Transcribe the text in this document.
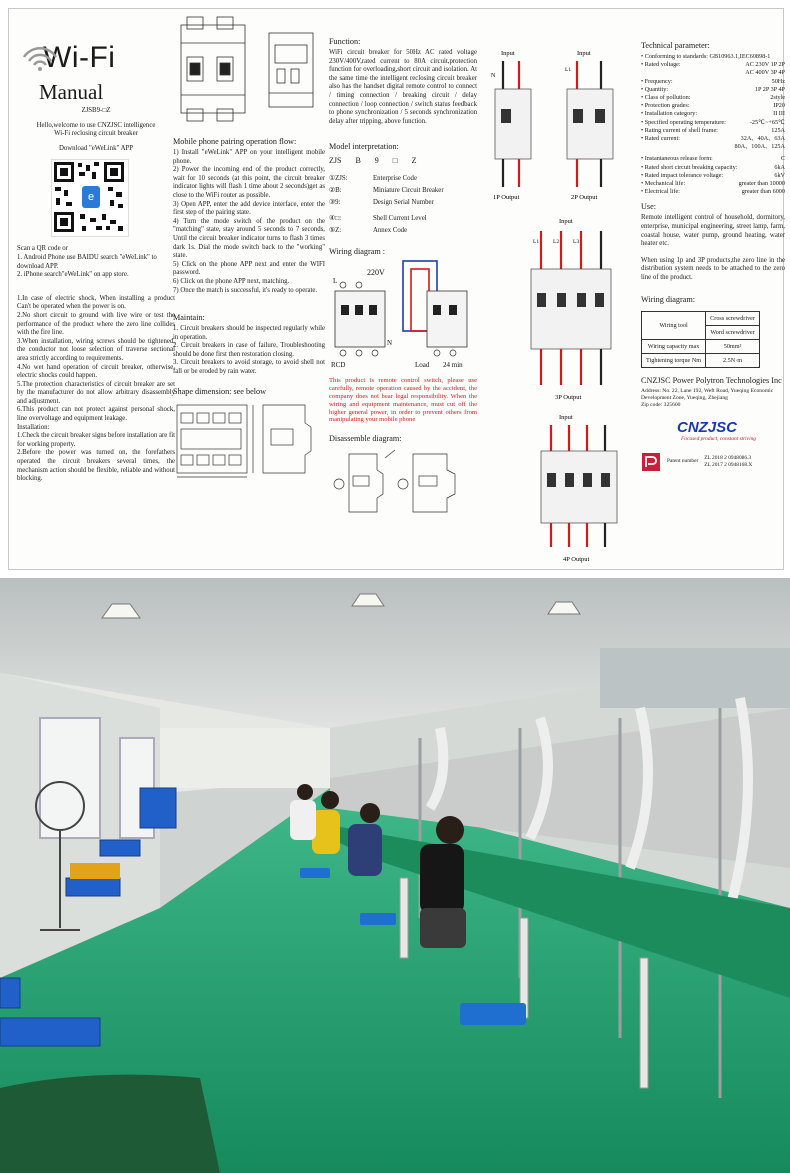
Wi-Fi
Manual

ZJSB9-□Z

Hello,welcome to use CNZJSC intelligence

Wi-Fi reclosing circuit breaker

Download "eWeLink" APP

e

Scan a QR code or

1. Android Phone use BAIDU search "eWeLink" to download APP.

2. iPhone search"eWeLink" on app store.

1.In case of electric shock, When installing a product Can't be operated when the power is on.

2.No short circuit to ground with live wire or test the performance of the product where the zero line collides with the fire line.

3.When installation, wiring screws should be tightened, the conductor not loose selection of traverse sectional area strictly according to requirements.

4.No wet hand operation of circuit breaker, otherwise, electric shocks could happen.

5.The protection characteristics of circuit breaker are set by the manufacturer do not allow arbitrary disassembly and adjustment.

6.This product can not protect against personal shock, line overvoltage and equipment leakage.

Installation:

1.Check the circuit breaker signs before installation are fit for working property.

2.Before the power was turned on, the forefathers operated the circuit breakers several times, the mechanism action should be flexible, reliable and without blocking.

Mobile phone pairing operation flow:

1) Install "eWeLink" APP on your intelligent mobile phone.

2) Power the incoming end of the product correctly, wait for 10 seconds (at this point, the circuit breaker indicator lights will flash 1 time about 2 seconds)get as close to the WiFi router as possible.

3) Open APP, enter the add device interface, enter the first step of the pairing state.

4) Turn the mode switch of the product on the "matching" state, stay around 5 seconds to 7 seconds, Until the circuit breaker indicator turns to flash 3 times dark 1s. Dial the mode switch back to the "working" state.

5) Click on the phone APP next and enter the WIFI password.

6) Click on the phone APP next, matching.

7) Once the match is successful, it's ready to operate.

Maintain:

1. Circuit breakers should be inspected regularly while in operation.

2. Circuit breakers in case of failure, Troubleshooting should be done first then restoration closing.

3. Circuit breakers to avoid storage, to avoid shell not fall or be eroded by rain water.

Shape dimension: see below

Function:

WiFi circuit breaker for 50Hz AC rated voltage 230V/400V,rated current to 80A circuit,protection function for overloading,short circuit and isolation. At the same time the intelligent reclosing circuit breaker also has the handset digital remote control to connect / timing connection / breaking circuit / delay connection / loop connection / switch status feedback to phone synchronization / 5 seconds synchronization delay after tripping, above function.

Model interpretation:

ZJS B 9 □ Z
①ZJS:	Enterprise Code
②B:	Miniature Circuit Breaker
③9:	Design Serial Number
④□:	Shell Current Level
⑤Z:	Annex Code

Wiring diagram :

220V
RCD	Load 24 min
N
L

This product is remote control switch, please use carefully, remote operation caused by the accident, the company does not bear legal responsibility. When the wiring and equipment maintenance, must cut off the higher general power, in order to prevent others from manipulating your mobile phone

Disassemble diagram:

Input
1P Output
N
Input
2P Output
L1
Input
3P Output
L1	L2	L3
Input
4P Output

Technical parameter:

• Conforming to standards: GB10963.1,IEC60898-1
• Rated voltage:	AC 230V 1P 2P
AC 400V 3P 4P
• Frequency:	50Hz
• Quantity:	1P 2P 3P 4P
• Class of pollution:	2style
• Protection grades:	IP20
• Installation category:	II III
• Specified operating temperature:	-25℃~+65℃
• Rating current of shell frame:	125A
• Rated current:	32A、40A、63A
80A、100A、125A
• Instantaneous release form:	C
• Rated short circuit breaking capacity:	6kA
• Rated impact tolerance voltage:	6kV
• Mechanical life:	greater than 10000
• Electrical life:	greater than 6000

Use:

Remote intelligent control of household, dormitory, enterprise, municipal engineering, street lamp, farm, coastal house, water pump, ground heating, water heater etc.

When using 1p and 3P products,the zero line in the distribution system needs to be attached to the zero line of the product.

Wiring diagram:

Wiring tool	Cross screwdriver
	Word screwdriver
Wiring capacity max	50mm²
Tightening torque Nm	2.5N·m

CNZJSC Power Polytron Technologies Inc

Address: No. 22, Lane 192, Weft Road, Yueqing Economic Development Zone, Yueqing, Zhejiang

Zip code: 325600

CNZJSC
Focused product, constant striving
Patent number
ZL 2018 2 0948086.3
ZL 2017 2 0948168.X
